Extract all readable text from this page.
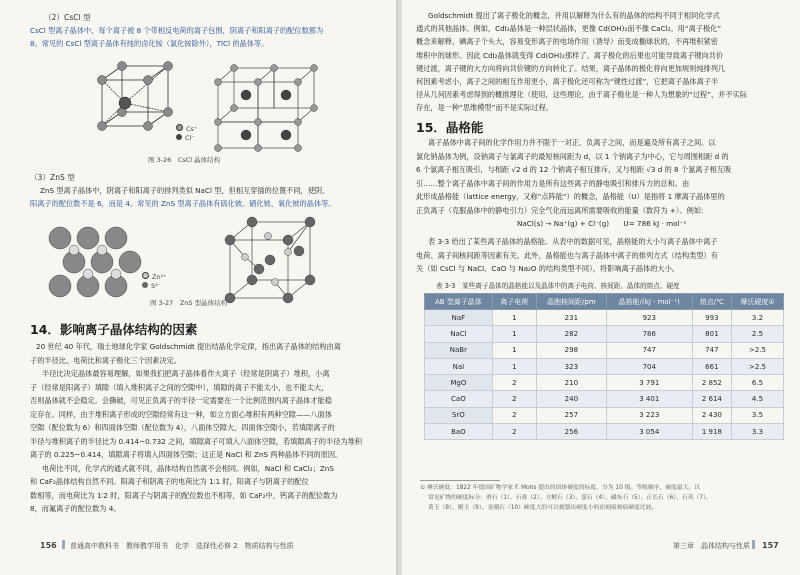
（2）CsCl 型
CsCl 型离子晶体中，每个离子被 8 个带相反电荷的离子包围，阴离子和阳离子的配位数都为
8。常见的 CsCl 型离子晶体有纯的卤化铵（氯化铵除外），TlCl 的晶体等。
Cs⁺
Cl⁻
图 3-26　CsCl 晶体结构
（3）ZnS 型
ZnS 型离子晶体中，阴离子和阳离子的排列类似 NaCl 型，但相互穿插的位置不同，使阴、
阳离子的配位数不是 6，而是 4。常见的 ZnS 型离子晶体有硫化铍、硒化铍、氧化铍的晶体等。
Zn²⁺
S²⁻
图 3-27　ZnS 型晶体结构
14．影响离子晶体结构的因素
20 世纪 40 年代，瑞士地球化学家 Goldschmidt 提出结晶化学定律，指出离子晶体的结构由离
子的半径比、电荷比和离子极化三个因素决定。
半径比决定晶体最容易理解，如果我们把离子晶体看作大离子（经常是阴离子）堆积，小离
子（经常是阳离子）填隙（填入堆积离子之间的空隙中），填隙的离子不能太小，也不能太大，
否则晶体就不会稳定。会撕破，可见正负离子的半径一定需要在一个比例范围内离子晶体才能稳
定存在。同样，由于堆积离子形成的空隙经常有这一种，如立方面心堆积有两种空隙——八面体
空隙（配位数为 6）和四面体空隙（配位数为 4），八面体空隙大，四面体空隙小，若填隙离子的
半径与堆积离子的半径比为 0.414~0.732 之间，填隙离子可填入八面体空隙，若填隙离子的半径为堆积
离子的 0.225~0.414，填隙离子将填入四面体空隙；这正是 NaCl 和 ZnS 两种晶体不同的原因。
电荷比不同，化学式的通式就不同，晶体结构自然就不会相同。例如，NaCl 和 CaCl₂；ZnS
和 CaF₂晶体结构自然不同。阳离子和阴离子的电荷比为 1∶1 时，阳离子与阴离子的配位
数相等，而电荷比为 1∶2 时，阳离子与阴离子的配位数也不相等，如 CaF₂中，钙离子的配位数为
8，而氟离子的配位数为 4。
156 普通高中教科书　教师教学用书　化学　选择性必修 2　物质结构与性质
Goldschmidt 提出了离子极化的概念，并用以解释为什么有的晶体的结构不同于相同化学式
通式的其他晶体。例如，CdI₂晶体是一种层状晶体，更像 Cd(OH)₂而不像 CaCl₂。用“离子极化”
概念来解释，碘离子个头大，容易变形离子的电场作用（诱导）而变成椭球状的，不再堆积紧密
堆积中的球形。因此 CdI₂晶体就变得 Cd(OH)₂那样了。离子极化的后果也可能导致离子键向共价
键过渡，离子键的大方向将向共价键的方向转化了。结果，离子晶体的极化将向更加规则纯排列几
何因素考虑小，离子之间的相互作用更小，离子极化还可称为“键性过渡”，它把离子晶体离子半
径从几何因素考虑得到的概推理化（使用，这些理论，由于离子极化是一种人为想象的“过程”，并不实际
存在，是一种“思维模型”而不是实际过程。
15．晶格能
离子晶体中离子间的化学作用力并不限于一对正、负离子之间，而是遍及所有离子之间。以
氯化钠晶体为例，设钠离子与氯离子的最短核间距为 d，以 1 个钠离子为中心，它与周围相距 d 的
6 个氯离子相互吸引，与相距 √2 d 的 12 个钠离子相互排斥，又与相距 √3 d 的 8 个氯离子相互吸
引……整个离子晶体中离子间的作用力是所有这些离子的静电吸引和排斥力的总和。由
此形成晶格能（lattice energy，又称“点阵能”）的概念，晶格能（U）是指将 1 摩离子晶体里的
正负离子（克服晶体中的静电引力）完全气化而远离所需要吸收的能量（数符为 +）。例如：
NaCl(s) → Na⁺(g) + Cl⁻(g)　　U= 786 kJ · mol⁻¹
表 3-3 给出了某些离子晶体的晶格能。从表中的数据可见，晶格能的大小与离子晶体中离子
电荷、离子间核间距等因素有关。此外，晶格能也与离子晶体中离子的排列方式（结构类型）有
关（如 CsCl 与 NaCl、CaO 与 Na₂O 的结构类型不同），将影响离子晶体的大小。
表 3-3　某些离子晶体的晶格能以及晶体中的离子电荷、核间距、晶体的熔点、硬度
AB 型离子晶体	离子电荷	晶胞核间距/pm	晶格能/(kJ · mol⁻¹)	熔点/℃	摩氏硬度①
NaF	1	231	923	993	3.2
NaCl	1	282	786	801	2.5
NaBr	1	298	747	747	>2.5
NaI	1	323	704	661	>2.5
MgO	2	210	3 791	2 852	6.5
CaO	2	240	3 401	2 614	4.5
SrO	2	257	3 223	2 430	3.5
BaO	2	256	3 054	1 918	3.3
① 摩氏硬度：1822 年德国矿物学家 F. Mohs 提出的固体硬度的标度，分为 10 级。等级顺序，硬度最大。以
常见矿物的硬度标分：滑石（1）、石膏（2）、方解石（3）、萤石（4）、磷灰石（5）、正长石（6）、石英（7）、
黄玉（8）、刚玉（9）、金刚石（10）硬度大的可以刻划出硬度小的而刻痕刻痕硬度比较。
第三章　晶体结构与性质 157
